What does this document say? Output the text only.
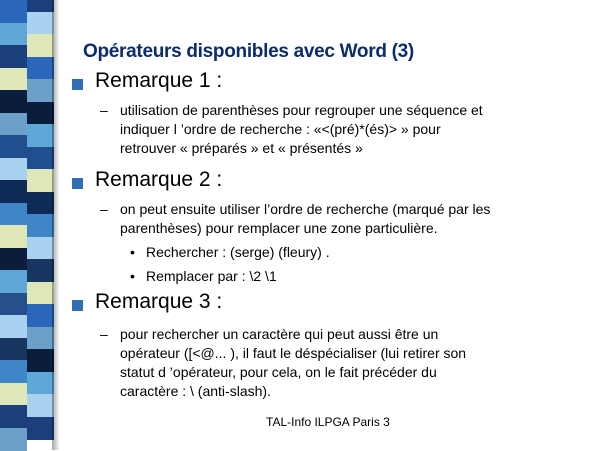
Opérateurs disponibles avec Word (3)
Remarque 1 :
– utilisation de parenthèses pour regrouper une séquence et
indiquer l ’ordre de recherche : «<(pré)*(és)> » pour
retrouver « préparés » et « présentés »
Remarque 2 :
– on peut ensuite utiliser l’ordre de recherche (marqué par les
parenthèses) pour remplacer une zone particulière.
• Rechercher : (serge) (fleury) .
• Remplacer par : \2 \1
Remarque 3 :
– pour rechercher un caractère qui peut aussi être un
opérateur ([<@... ), il faut le déspécialiser (lui retirer son
statut d ’opérateur, pour cela, on le fait précéder du
caractère : \ (anti-slash).
TAL-Info ILPGA Paris 3
